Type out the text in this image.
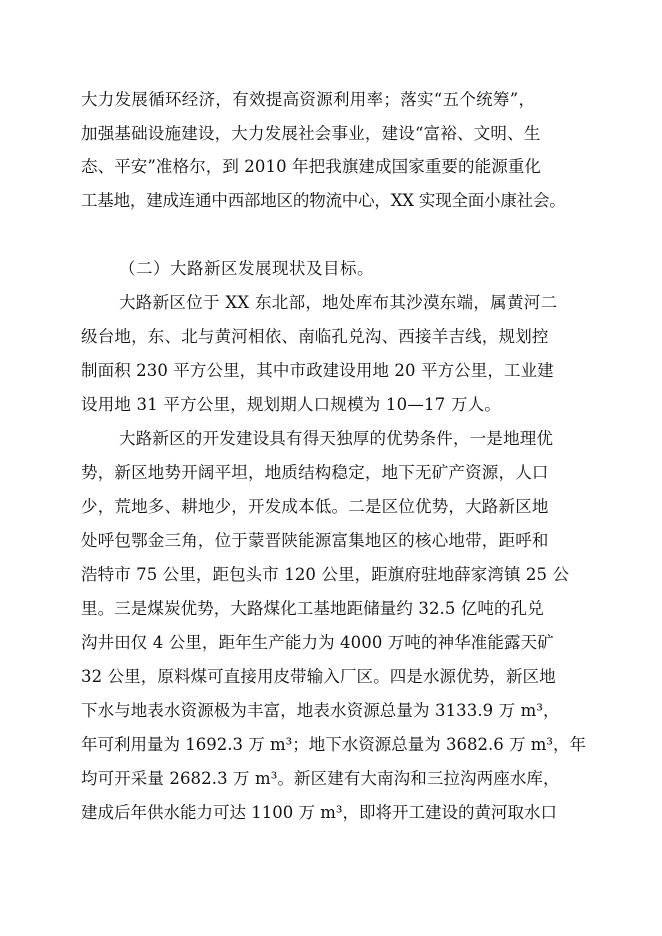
大力发展循环经济，有效提高资源利用率；落实“五个统筹”，
加强基础设施建设，大力发展社会事业，建设“富裕、文明、生
态、平安”准格尔，到 2010 年把我旗建成国家重要的能源重化
工基地，建成连通中西部地区的物流中心，XX 实现全面小康社会。
（二）大路新区发展现状及目标。
大路新区位于 XX 东北部，地处库布其沙漠东端，属黄河二
级台地，东、北与黄河相依、南临孔兑沟、西接羊吉线，规划控
制面积 230 平方公里，其中市政建设用地 20 平方公里，工业建
设用地 31 平方公里，规划期人口规模为 10—17 万人。
大路新区的开发建设具有得天独厚的优势条件，一是地理优
势，新区地势开阔平坦，地质结构稳定，地下无矿产资源，人口
少，荒地多、耕地少，开发成本低。二是区位优势，大路新区地
处呼包鄂金三角，位于蒙晋陕能源富集地区的核心地带，距呼和
浩特市 75 公里，距包头市 120 公里，距旗府驻地薛家湾镇 25 公
里。三是煤炭优势，大路煤化工基地距储量约 32.5 亿吨的孔兑
沟井田仅 4 公里，距年生产能力为 4000 万吨的神华准能露天矿
32 公里，原料煤可直接用皮带输入厂区。四是水源优势，新区地
下水与地表水资源极为丰富，地表水资源总量为 3133.9 万 m³，
年可利用量为 1692.3 万 m³；地下水资源总量为 3682.6 万 m³，年
均可开采量 2682.3 万 m³。新区建有大南沟和三拉沟两座水库，
建成后年供水能力可达 1100 万 m³，即将开工建设的黄河取水口
